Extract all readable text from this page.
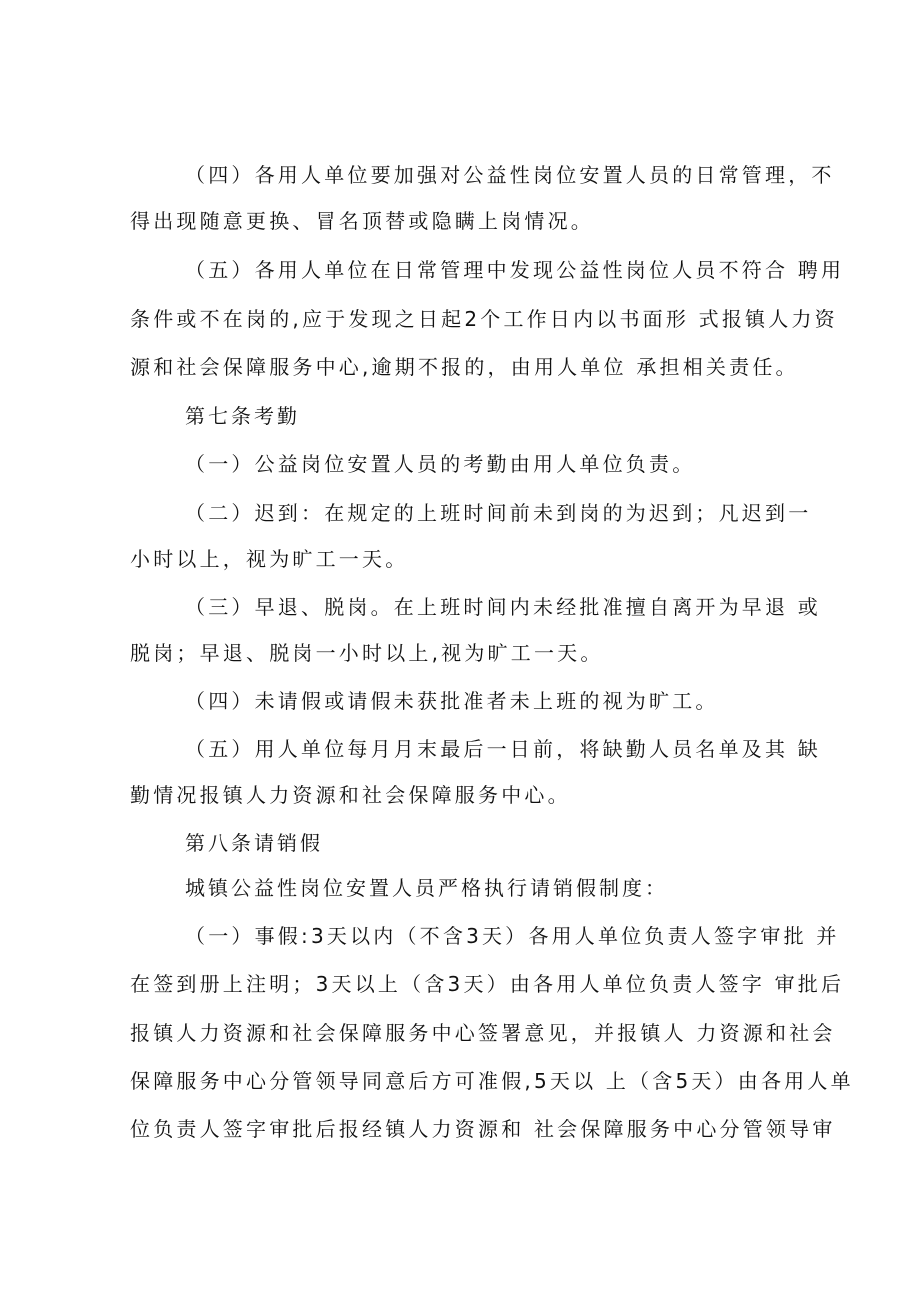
（四）各用人单位要加强对公益性岗位安置人员的日常管理，不
得出现随意更换、冒名顶替或隐瞒上岗情况。
（五）各用人单位在日常管理中发现公益性岗位人员不符合 聘用
条件或不在岗的,应于发现之日起2个工作日内以书面形 式报镇人力资
源和社会保障服务中心,逾期不报的，由用人单位 承担相关责任。
第七条考勤
（一）公益岗位安置人员的考勤由用人单位负责。
（二）迟到：在规定的上班时间前未到岗的为迟到；凡迟到一
小时以上，视为旷工一天。
（三）早退、脱岗。在上班时间内未经批准擅自离开为早退 或
脱岗；早退、脱岗一小时以上,视为旷工一天。
（四）未请假或请假未获批准者未上班的视为旷工。
（五）用人单位每月月末最后一日前，将缺勤人员名单及其 缺
勤情况报镇人力资源和社会保障服务中心。
第八条请销假
城镇公益性岗位安置人员严格执行请销假制度：
（一）事假:3天以内（不含3天）各用人单位负责人签字审批 并
在签到册上注明；3天以上（含3天）由各用人单位负责人签字 审批后
报镇人力资源和社会保障服务中心签署意见，并报镇人 力资源和社会
保障服务中心分管领导同意后方可准假,5天以 上（含5天）由各用人单
位负责人签字审批后报经镇人力资源和 社会保障服务中心分管领导审
